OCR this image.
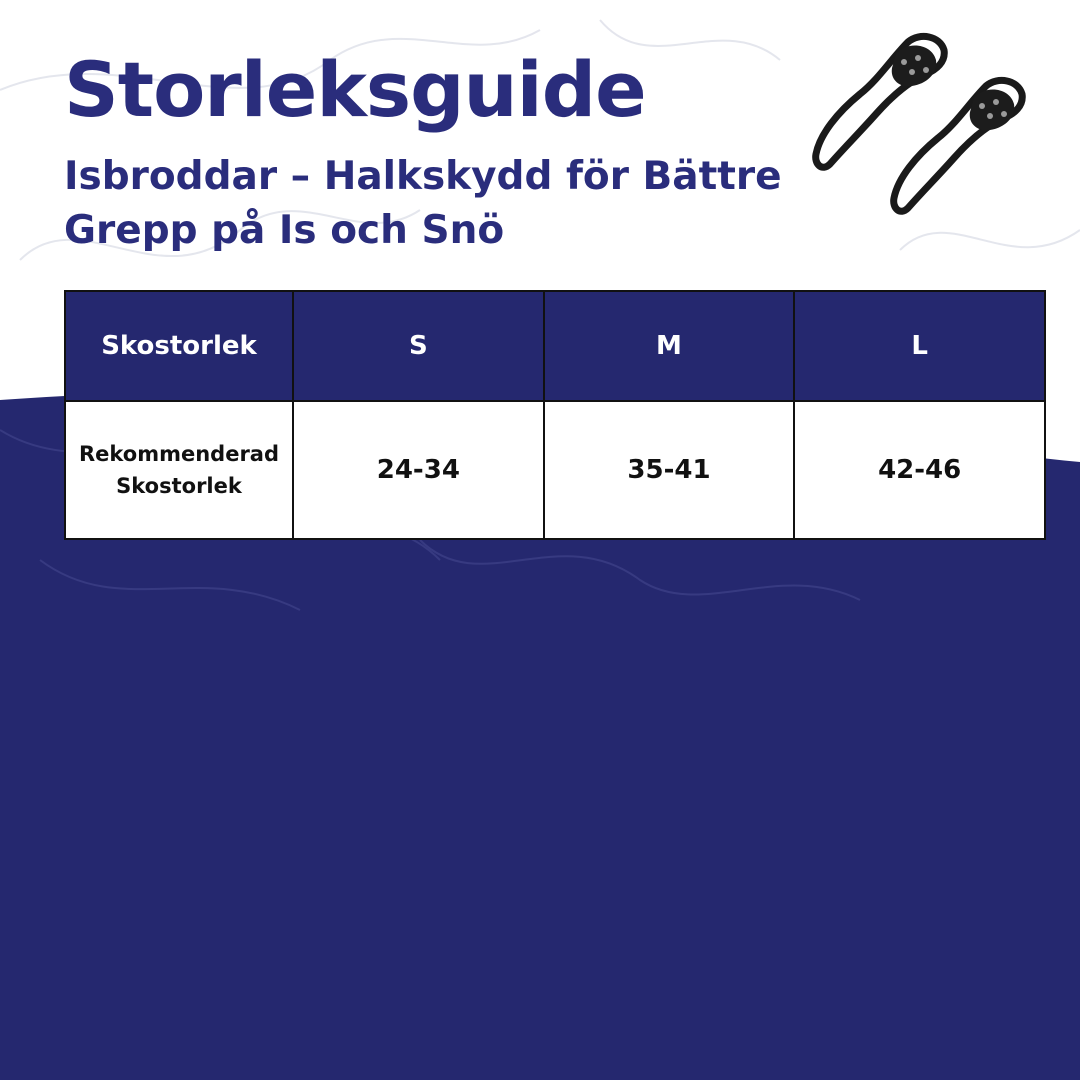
Storleksguide
Isbroddar – Halkskydd för Bättre Grepp på Is och Snö
Skostorlek	S	M	L
Rekommenderad Skostorlek	24-34	35-41	42-46
